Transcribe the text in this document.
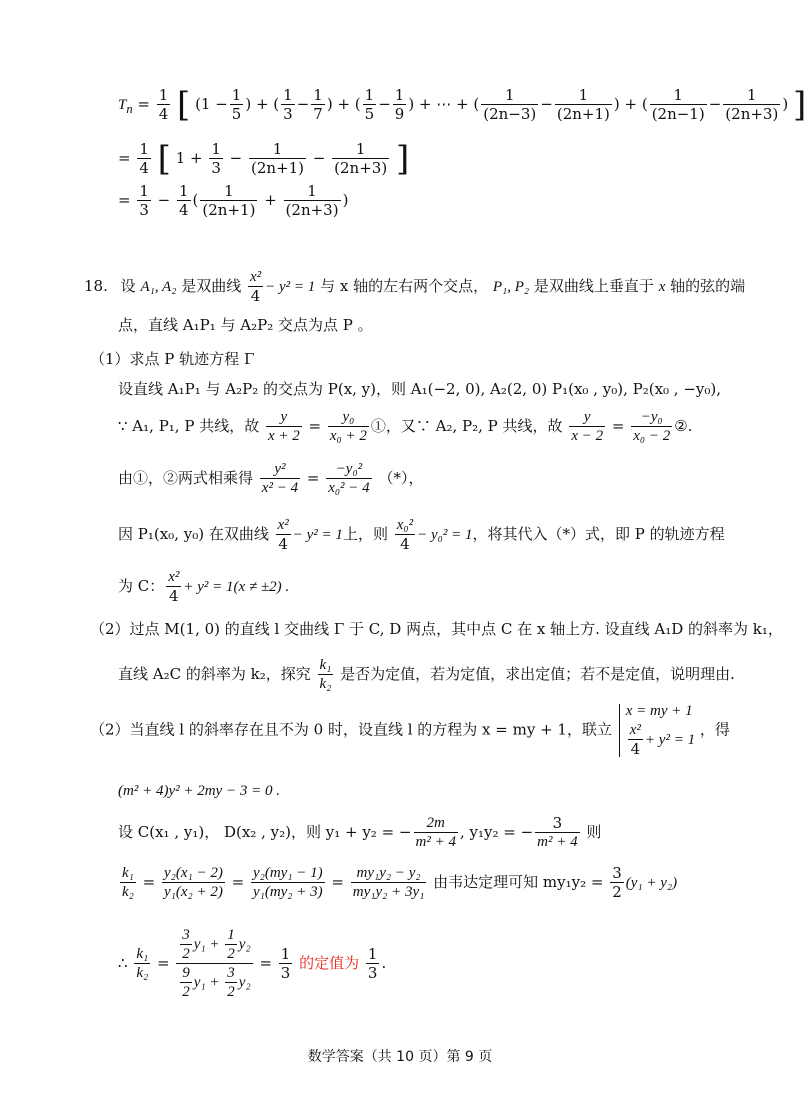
$T_n = \frac{1}{4}$ [ ($1 - \frac{1}{5}$ ) + ( $\frac{1}{3} - \frac{1}{7}$ ) + ( $\frac{1}{5} - \frac{1}{9}$ ) + ⋯ + ( $\frac{1}{(2n-3)} - \frac{1}{(2n+1)}$ ) + ( $\frac{1}{(2n-1)} - \frac{1}{(2n+3)}$ ) ]
= $\frac{1}{4}$ [ $1 + \frac{1}{3} - \frac{1}{(2n+1)} - \frac{1}{(2n+3)}$ ]
= $\frac{1}{3} - \frac{1}{4}$ ( $\frac{1}{(2n+1)} + \frac{1}{(2n+3)}$ )
18. 设 A₁, A₂ 是双曲线 $\frac{\text{x²}}{4} - y^2 = 1$ 与 x 轴的左右两个交点， P₁, P₂ 是双曲线上垂直于 x 轴的弦的端
点，直线 A₁P₁ 与 A₂P₂ 交点为点 P 。
（1）求点 P 轨迹方程 Γ
设直线 A₁P₁ 与 A₂P₂ 的交点为 P(x, y)，则 A₁(−2, 0), A₂(2, 0) P₁(x₀ , y₀), P₂(x₀ , −y₀),
∵ A₁, P₁, P 共线，故 $\frac{y}{x + 2} = \frac{\text{y₀}}{\text{x₀ + 2}}$ ①，又∵ A₂, P₂, P 共线，故 $\frac{y}{x - 2} = \frac{\text{−y₀}}{\text{x₀ − 2}}$ ②.
由①，②两式相乘得 $\frac{\text{y²}}{\text{x² − 4}} = \frac{\text{−y₀²}}{\text{x₀² − 4}}$ （*），
因 P₁(x₀, y₀) 在双曲线 $\frac{\text{x²}}{4} - y^2 = 1$上，则 $\frac{\text{x₀²}}{4} - y_0^2 = 1$，将其代入（*）式，即 P 的轨迹方程
为 C： $\frac{\text{x²}}{4} + y^2 = 1(x \ne \pm 2)$ .
（2）过点 M(1, 0) 的直线 l 交曲线 Γ 于 C, D 两点，其中点 C 在 x 轴上方. 设直线 A₁D 的斜率为 k₁，
直线 A₂C 的斜率为 k₂，探究 $\frac{\text{k₁}}{\text{k₂}}$ 是否为定值，若为定值，求出定值；若不是定值，说明理由.
（2）当直线 l 的斜率存在且不为 0 时，设直线 l 的方程为 x = my + 1，联立
x = my + 1
$\frac{\text{x²}}{4} + y^2 = 1$
，得
(m² + 4)y² + 2my − 3 = 0 .
设 C(x₁ , y₁)， D(x₂ , y₂)，则 y₁ + y₂ = − $\frac{2m}{\text{m² + 4}}$ , y₁y₂ = − $\frac{3}{\text{m² + 4}}$ 则
$\frac{\text{k₁}}{\text{k₂}} = \frac{\text{y₂(x₁ − 2)}}{\text{y₁(x₂ + 2)}} = \frac{\text{y₂(my₁ − 1)}}{\text{y₁(my₂ + 3)}} = \frac{\text{my₁y₂ − y₂}}{\text{my₁y₂ + 3y₁}}$ 由韦达定理可知 $my_1y_2 = \frac{3}{2} (y_1 + y_2)$
∴ $\frac{\text{k₁}}{\text{k₂}} = \frac{\frac{3}{2} y_1 + \frac{1}{2} y_2}{\frac{9}{2} y_1 + \frac{3}{2} y_2} = \frac{1}{3}$ 的定值为 $\frac{1}{3}$ .
数学答案（共 10 页）第 9 页
